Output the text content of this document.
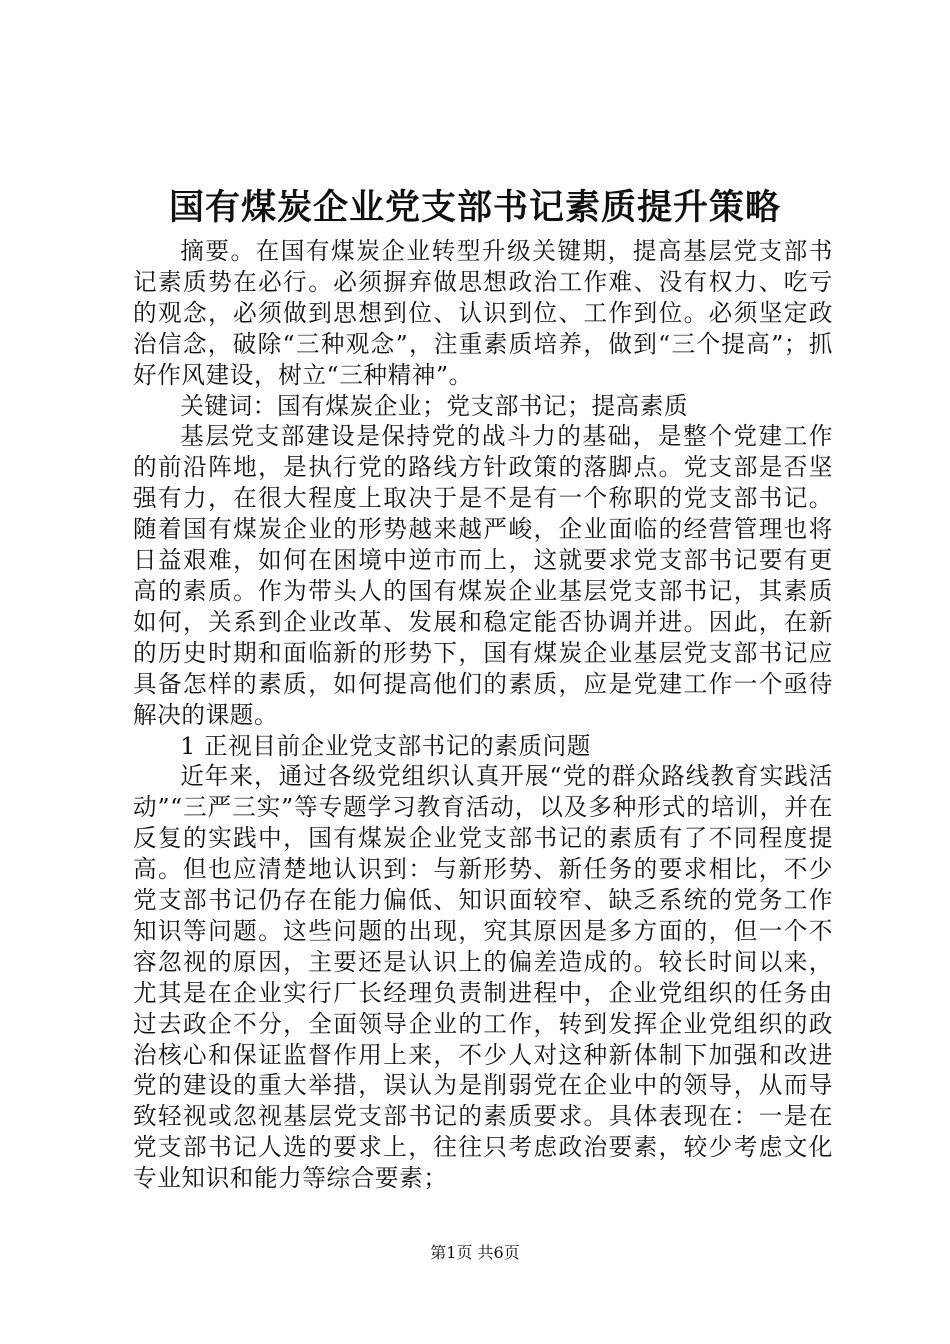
国有煤炭企业党支部书记素质提升策略

摘要。在国有煤炭企业转型升级关键期，提高基层党支部书记素质势在必行。必须摒弃做思想政治工作难、没有权力、吃亏的观念，必须做到思想到位、认识到位、工作到位。必须坚定政治信念，破除“三种观念”，注重素质培养，做到“三个提高”；抓好作风建设，树立“三种精神”。

关键词：国有煤炭企业；党支部书记；提高素质

基层党支部建设是保持党的战斗力的基础，是整个党建工作的前沿阵地，是执行党的路线方针政策的落脚点。党支部是否坚强有力，在很大程度上取决于是不是有一个称职的党支部书记。随着国有煤炭企业的形势越来越严峻，企业面临的经营管理也将日益艰难，如何在困境中逆市而上，这就要求党支部书记要有更高的素质。作为带头人的国有煤炭企业基层党支部书记，其素质如何，关系到企业改革、发展和稳定能否协调并进。因此，在新的历史时期和面临新的形势下，国有煤炭企业基层党支部书记应具备怎样的素质，如何提高他们的素质，应是党建工作一个亟待解决的课题。

1 正视目前企业党支部书记的素质问题

近年来，通过各级党组织认真开展“党的群众路线教育实践活动”“三严三实”等专题学习教育活动，以及多种形式的培训，并在反复的实践中，国有煤炭企业党支部书记的素质有了不同程度提高。但也应清楚地认识到：与新形势、新任务的要求相比，不少党支部书记仍存在能力偏低、知识面较窄、缺乏系统的党务工作知识等问题。这些问题的出现，究其原因是多方面的，但一个不容忽视的原因，主要还是认识上的偏差造成的。较长时间以来，尤其是在企业实行厂长经理负责制进程中，企业党组织的任务由过去政企不分，全面领导企业的工作，转到发挥企业党组织的政治核心和保证监督作用上来，不少人对这种新体制下加强和改进党的建设的重大举措，误认为是削弱党在企业中的领导，从而导致轻视或忽视基层党支部书记的素质要求。具体表现在：一是在党支部书记人选的要求上，往往只考虑政治要素，较少考虑文化专业知识和能力等综合要素；

第1页 共6页
